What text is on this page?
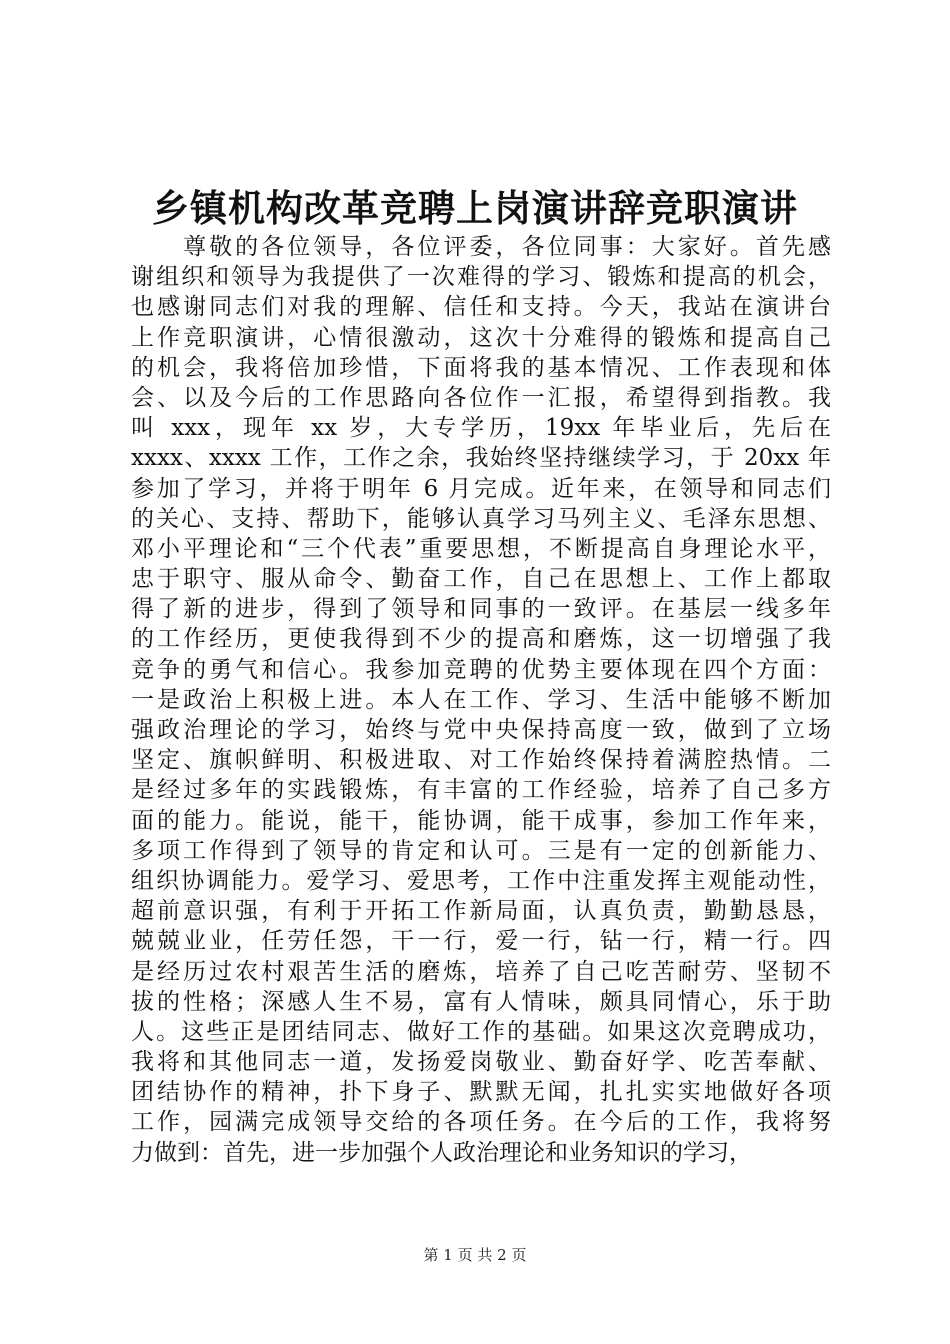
乡镇机构改革竞聘上岗演讲辞竞职演讲
　　尊敬的各位领导，各位评委，各位同事：大家好。首先感
谢组织和领导为我提供了一次难得的学习、锻炼和提高的机会，
也感谢同志们对我的理解、信任和支持。今天，我站在演讲台
上作竞职演讲，心情很激动，这次十分难得的锻炼和提高自己
的机会，我将倍加珍惜，下面将我的基本情况、工作表现和体
会、以及今后的工作思路向各位作一汇报，希望得到指教。我
叫 xxx，现年 xx 岁，大专学历，19xx 年毕业后，先后在
xxxx、xxxx 工作，工作之余，我始终坚持继续学习，于 20xx 年
参加了学习，并将于明年 6 月完成。近年来，在领导和同志们
的关心、支持、帮助下，能够认真学习马列主义、毛泽东思想、
邓小平理论和“三个代表”重要思想，不断提高自身理论水平，
忠于职守、服从命令、勤奋工作，自己在思想上、工作上都取
得了新的进步，得到了领导和同事的一致评。在基层一线多年
的工作经历，更使我得到不少的提高和磨炼，这一切增强了我
竞争的勇气和信心。我参加竞聘的优势主要体现在四个方面：
一是政治上积极上进。本人在工作、学习、生活中能够不断加
强政治理论的学习，始终与党中央保持高度一致，做到了立场
坚定、旗帜鲜明、积极进取、对工作始终保持着满腔热情。二
是经过多年的实践锻炼，有丰富的工作经验，培养了自己多方
面的能力。能说，能干，能协调，能干成事，参加工作年来，
多项工作得到了领导的肯定和认可。三是有一定的创新能力、
组织协调能力。爱学习、爱思考，工作中注重发挥主观能动性，
超前意识强，有利于开拓工作新局面，认真负责，勤勤恳恳，
兢兢业业，任劳任怨，干一行，爱一行，钻一行，精一行。四
是经历过农村艰苦生活的磨炼，培养了自己吃苦耐劳、坚韧不
拔的性格；深感人生不易，富有人情味，颇具同情心，乐于助
人。这些正是团结同志、做好工作的基础。如果这次竞聘成功，
我将和其他同志一道，发扬爱岗敬业、勤奋好学、吃苦奉献、
团结协作的精神，扑下身子、默默无闻，扎扎实实地做好各项
工作，园满完成领导交给的各项任务。在今后的工作，我将努
力做到：首先，进一步加强个人政治理论和业务知识的学习，
第 1 页 共 2 页
